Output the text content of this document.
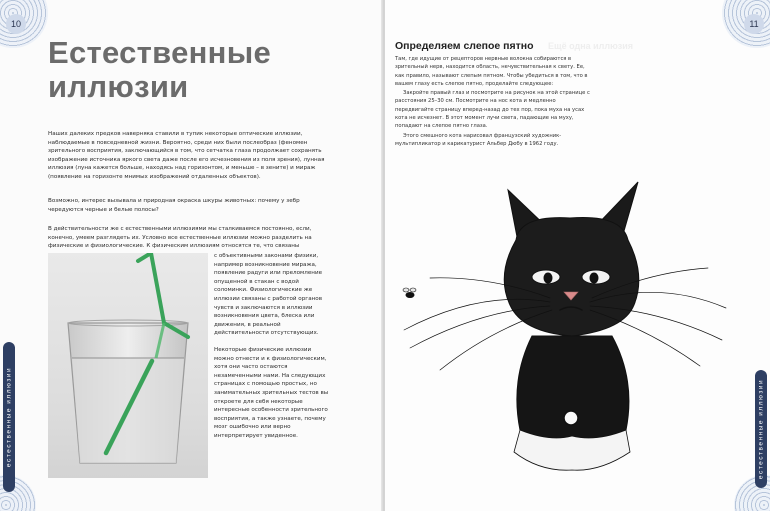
10
естественные иллюзии
Естественные
иллюзии

Наших далеких предков наверняка ставили в тупик некоторые оптические иллюзии, наблюдаемые в повседневной жизни. Вероятно, среди них были послеобраз (феномен зрительного восприятия, заключающийся в том, что сетчатка глаза продолжает сохранять изображение источника яркого света даже после его исчезновения из поля зрения), лунная иллюзия (луна кажется больше, находясь над горизонтом, и меньше – в зените) и мираж (появление на горизонте мнимых изображений отдаленных объектов).

Возможно, интерес вызывала и природная окраска шкуры животных: почему у зебр чередуются черные и белые полосы?

В действительности же с естественными иллюзиями мы сталкиваемся постоянно, если, конечно, умеем разглядеть их. Условно все естественные иллюзии можно разделить на физические и физиологические. К физическим иллюзиям относятся те, что связаны

с объективными законами физики, например возникновение миража, появление радуги или преломление опущенной в стакан с водой соломинки. Физиологические же иллюзии связаны с работой органов чувств и заключаются в иллюзии возникновения цвета, блеска или движения, в реальной действительности отсутствующих.

Некоторые физические иллюзии можно отнести и к физиологическим, хотя они часто остаются незамеченными нами. На следующих страницах с помощью простых, но занимательных зрительных тестов вы откроете для себя некоторые интересные особенности зрительного восприятия, а также узнаете, почему мозг ошибочно или верно интерпретирует увиденное.

11
естественные иллюзии
Определяем слепое пятно Ещё одна иллюзия

Там, где идущие от рецепторов нервные волокна собираются в зрительный нерв, находится область, нечувствительная к свету. Ее, как правило, называют слепым пятном. Чтобы убедиться в том, что в вашем глазу есть слепое пятно, проделайте следующее:

Закройте правый глаз и посмотрите на рисунок на этой странице с расстояния 25–30 см. Посмотрите на нос кота и медленно передвигайте страницу вперед-назад до тех пор, пока муха на усах кота не исчезнет. В этот момент лучи света, падающие на муху, попадают на слепое пятно глаза.

Этого смешного кота нарисовал французский художник-мультипликатор и карикатурист Альбер Дюбу в 1962 году.
